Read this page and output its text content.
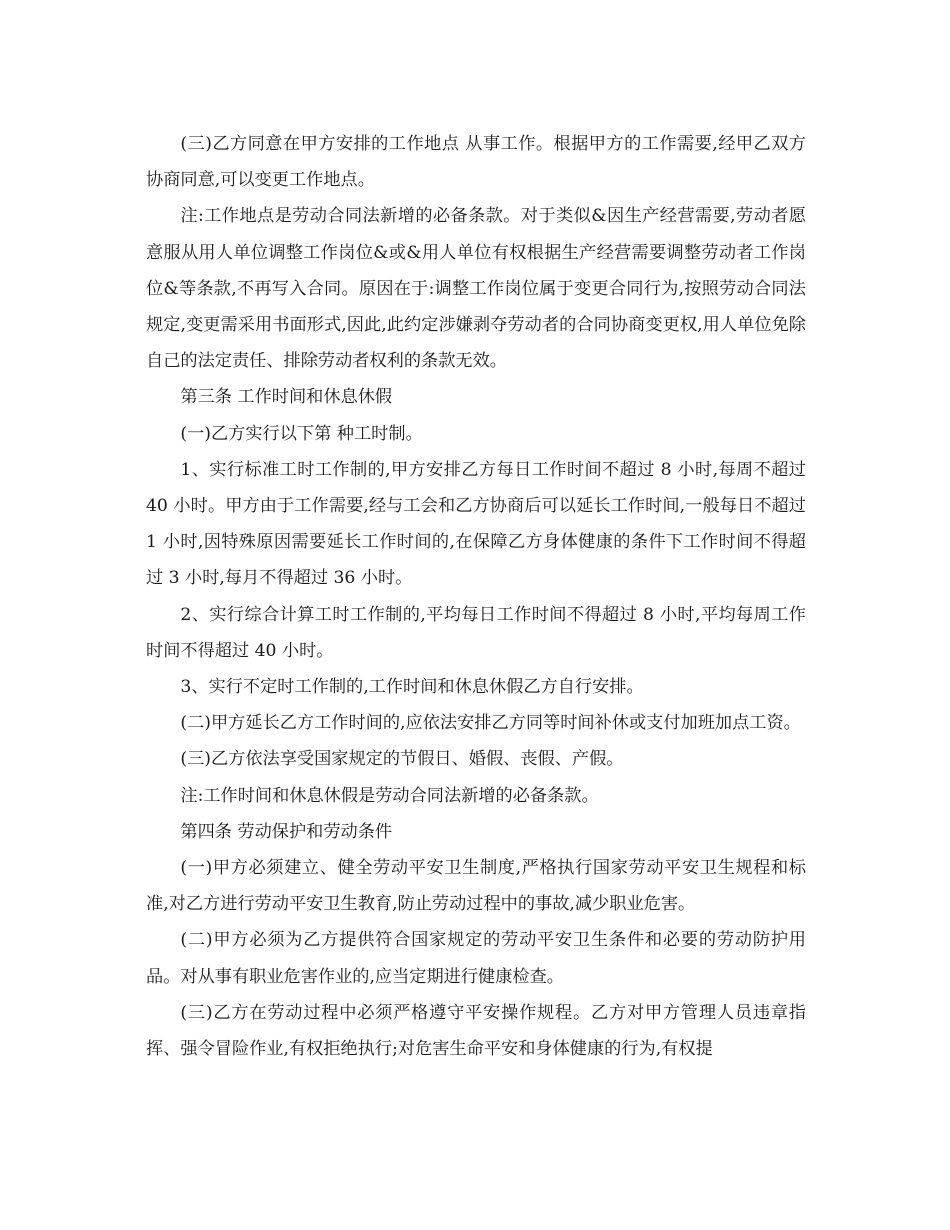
(三)乙方同意在甲方安排的工作地点 从事工作。根据甲方的工作需要,经甲乙双方协商同意,可以变更工作地点。

注:工作地点是劳动合同法新增的必备条款。对于类似&因生产经营需要,劳动者愿意服从用人单位调整工作岗位&或&用人单位有权根据生产经营需要调整劳动者工作岗位&等条款,不再写入合同。原因在于:调整工作岗位属于变更合同行为,按照劳动合同法规定,变更需采用书面形式,因此,此约定涉嫌剥夺劳动者的合同协商变更权,用人单位免除自己的法定责任、排除劳动者权利的条款无效。

第三条 工作时间和休息休假

(一)乙方实行以下第 种工时制。

1、实行标准工时工作制的,甲方安排乙方每日工作时间不超过 8 小时,每周不超过 40 小时。甲方由于工作需要,经与工会和乙方协商后可以延长工作时间,一般每日不超过 1 小时,因特殊原因需要延长工作时间的,在保障乙方身体健康的条件下工作时间不得超过 3 小时,每月不得超过 36 小时。

2、实行综合计算工时工作制的,平均每日工作时间不得超过 8 小时,平均每周工作时间不得超过 40 小时。

3、实行不定时工作制的,工作时间和休息休假乙方自行安排。

(二)甲方延长乙方工作时间的,应依法安排乙方同等时间补休或支付加班加点工资。

(三)乙方依法享受国家规定的节假日、婚假、丧假、产假。

注:工作时间和休息休假是劳动合同法新增的必备条款。

第四条 劳动保护和劳动条件

(一)甲方必须建立、健全劳动平安卫生制度,严格执行国家劳动平安卫生规程和标准,对乙方进行劳动平安卫生教育,防止劳动过程中的事故,减少职业危害。

(二)甲方必须为乙方提供符合国家规定的劳动平安卫生条件和必要的劳动防护用品。对从事有职业危害作业的,应当定期进行健康检查。

(三)乙方在劳动过程中必须严格遵守平安操作规程。乙方对甲方管理人员违章指挥、强令冒险作业,有权拒绝执行;对危害生命平安和身体健康的行为,有权提
